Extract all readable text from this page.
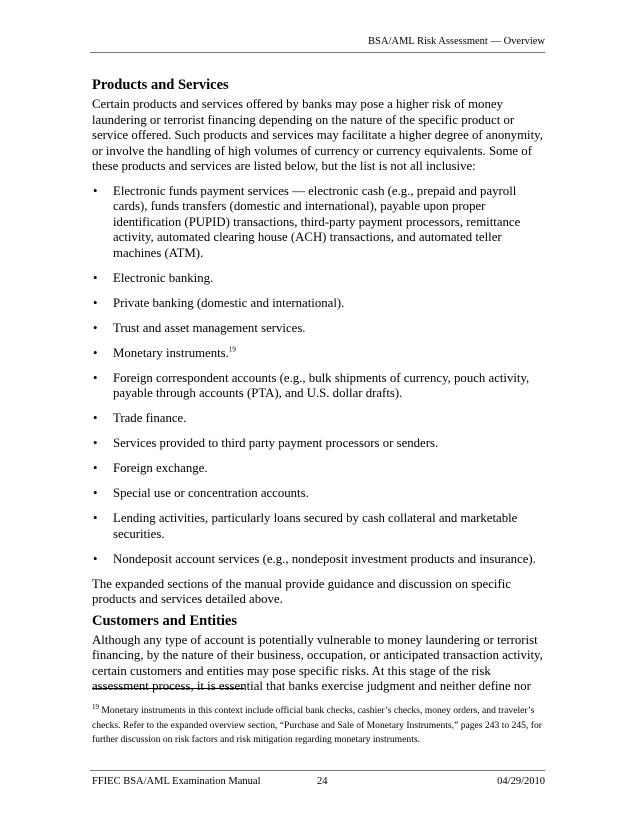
BSA/AML Risk Assessment — Overview
Products and Services

Certain products and services offered by banks may pose a higher risk of money laundering or terrorist financing depending on the nature of the specific product or service offered. Such products and services may facilitate a higher degree of anonymity, or involve the handling of high volumes of currency or currency equivalents. Some of these products and services are listed below, but the list is not all inclusive:

• Electronic funds payment services — electronic cash (e.g., prepaid and payroll cards), funds transfers (domestic and international), payable upon proper identification (PUPID) transactions, third-party payment processors, remittance activity, automated clearing house (ACH) transactions, and automated teller machines (ATM).
• Electronic banking.
• Private banking (domestic and international).
• Trust and asset management services.
• Monetary instruments.$^{19}$
• Foreign correspondent accounts (e.g., bulk shipments of currency, pouch activity, payable through accounts (PTA), and U.S. dollar drafts).
• Trade finance.
• Services provided to third party payment processors or senders.
• Foreign exchange.
• Special use or concentration accounts.
• Lending activities, particularly loans secured by cash collateral and marketable securities.
• Nondeposit account services (e.g., nondeposit investment products and insurance).

The expanded sections of the manual provide guidance and discussion on specific products and services detailed above.

Customers and Entities

Although any type of account is potentially vulnerable to money laundering or terrorist financing, by the nature of their business, occupation, or anticipated transaction activity, certain customers and entities may pose specific risks. At this stage of the risk assessment process, it is essential that banks exercise judgment and neither define nor

$^{19}$ Monetary instruments in this context include official bank checks, cashier’s checks, money orders, and traveler’s checks. Refer to the expanded overview section, “Purchase and Sale of Monetary Instruments,” pages 243 to 245, for further discussion on risk factors and risk mitigation regarding monetary instruments.
FFIEC BSA/AML Examination Manual	24	04/29/2010
